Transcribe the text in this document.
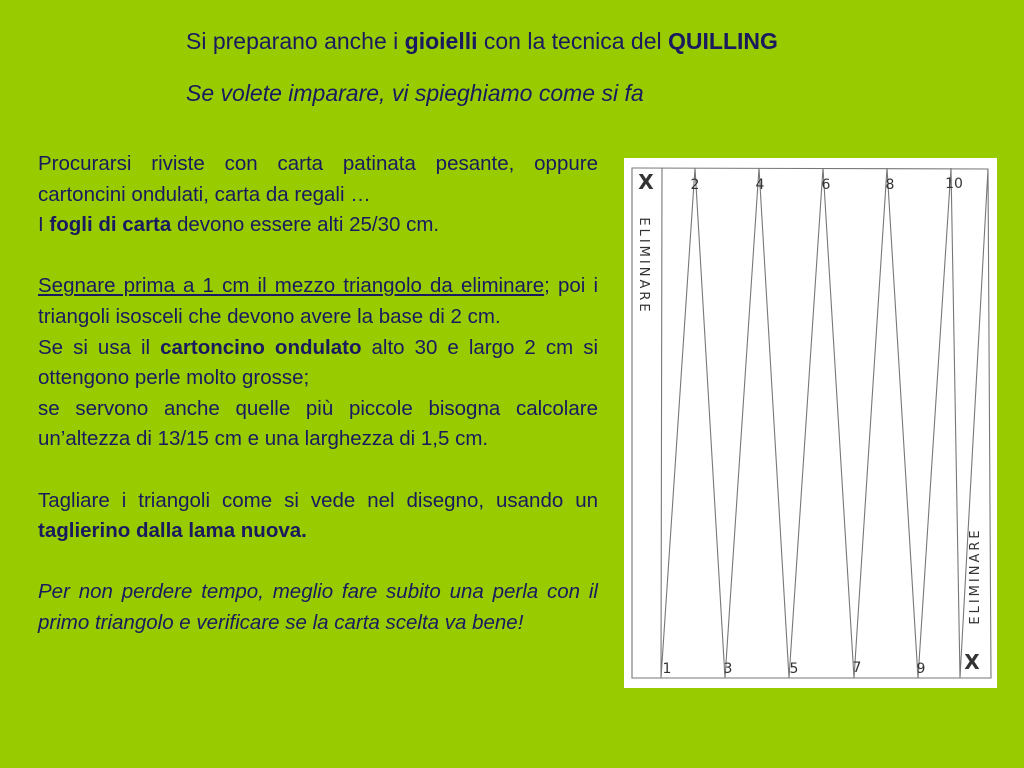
Si preparano anche i gioielli con la tecnica del QUILLING
Se volete imparare, vi spieghiamo come si fa

Procurarsi riviste con carta patinata pesante, oppure cartoncini ondulati, carta da regali …
I fogli di carta devono essere alti 25/30 cm.

Segnare prima a 1 cm il mezzo triangolo da eliminare; poi i triangoli isosceli che devono avere la base di 2 cm.

Se si usa il cartoncino ondulato alto 30 e largo 2 cm si ottengono perle molto grosse;

se servono anche quelle più piccole bisogna calcolare un’altezza di 13/15 cm e una larghezza di 1,5 cm.

Tagliare i triangoli come si vede nel disegno, usando un taglierino dalla lama nuova.

Per non perdere tempo, meglio fare subito una perla con il primo triangolo e verificare se la carta scelta va bene!

X
X
2	4	6	8	10
1	3	5	7	9
ELIMINARE
ELIMINARE
